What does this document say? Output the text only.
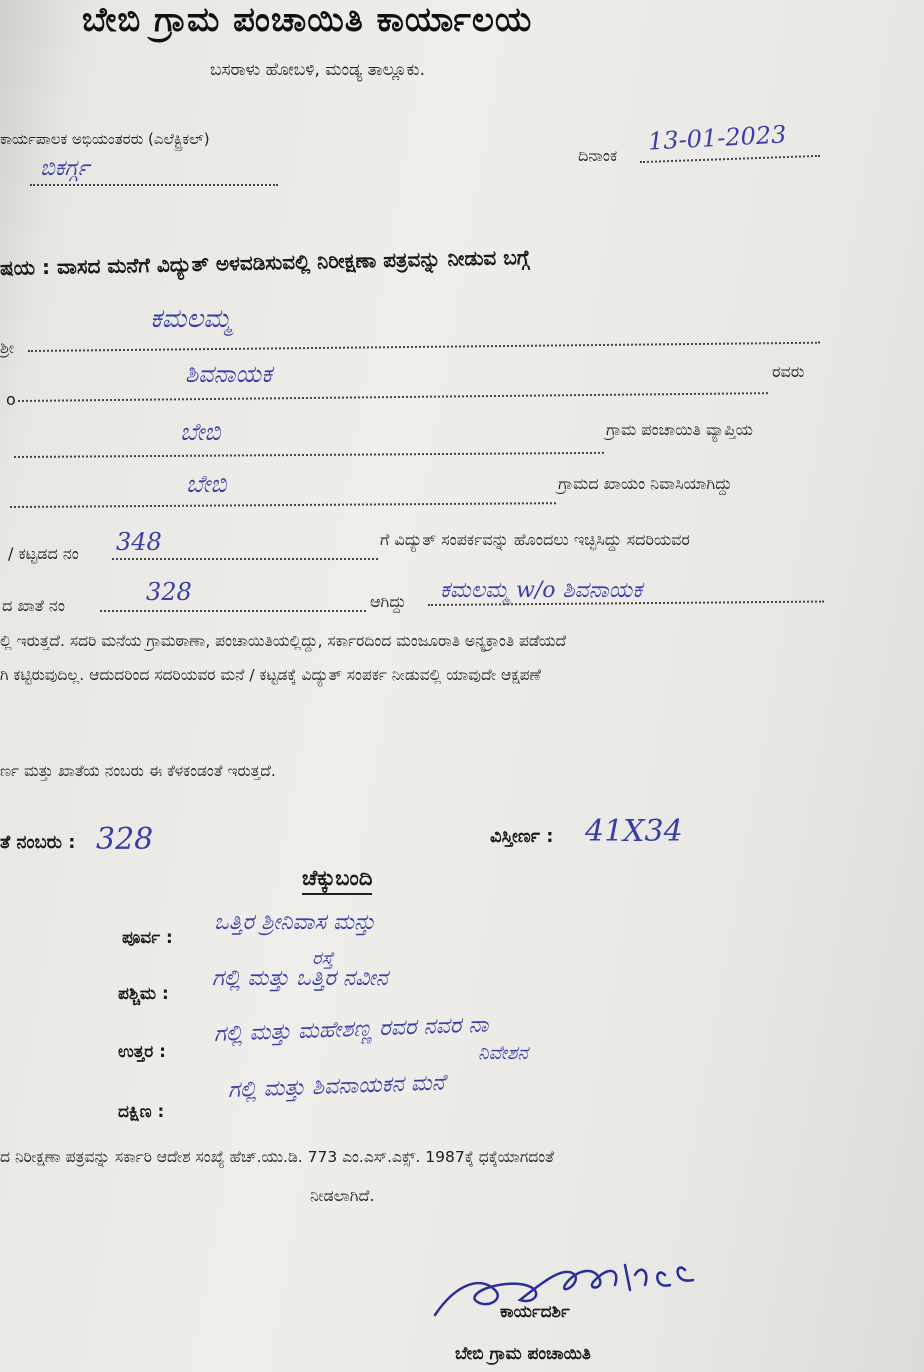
ಬೇಬಿ ಗ್ರಾಮ ಪಂಚಾಯಿತಿ ಕಾರ್ಯಾಲಯ
ಬಸರಾಳು ಹೋಬಳಿ, ಮಂಡ್ಯ ತಾಲ್ಲೂಕು.
ಕಾರ್ಯಪಾಲಕ ಅಭಿಯಂತರರು (ಎಲೆಕ್ಟ್ರಿಕಲ್)
ಬಿಕರ್ಗ್ಗ
ದಿನಾಂಕ 13-01-2023
ಷಯ : ವಾಸದ ಮನೆಗೆ ವಿದ್ಯುತ್ ಅಳವಡಿಸುವಲ್ಲಿ ನಿರೀಕ್ಷಣಾ ಪತ್ರವನ್ನು ನೀಡುವ ಬಗ್ಗೆ
ಶ್ರೀ
ಕಮಲಮ್ಮ
o
ಶಿವನಾಯಕ	ರವರು
ಬೇಬಿ	ಗ್ರಾಮ ಪಂಚಾಯಿತಿ ವ್ಯಾಪ್ತಿಯ
ಬೇಬಿ	ಗ್ರಾಮದ ಖಾಯಂ ನಿವಾಸಿಯಾಗಿದ್ದು
/ ಕಟ್ಟಡದ ನಂ 348	ಗೆ ವಿದ್ಯುತ್ ಸಂಪರ್ಕವನ್ನು ಹೊಂದಲು ಇಚ್ಛಿಸಿದ್ದು ಸದರಿಯವರ
ದ ಖಾತೆ ನಂ	328	ಆಗಿದ್ದು ಕಮಲಮ್ಮ w/o ಶಿವನಾಯಕ
ಲ್ಲಿ ಇರುತ್ತದೆ. ಸದರಿ ಮನೆಯ ಗ್ರಾಮಠಾಣಾ, ಪಂಚಾಯಿತಿಯಲ್ಲಿದ್ದು, ಸರ್ಕಾರದಿಂದ ಮಂಜೂರಾತಿ ಅನ್ಯಕ್ರಾಂತಿ ಪಡೆಯದೆ
ಗಿ ಕಟ್ಟಿರುವುದಿಲ್ಲ. ಆದುದರಿಂದ ಸದರಿಯವರ ಮನೆ / ಕಟ್ಟಡಕ್ಕೆ ವಿದ್ಯುತ್ ಸಂಪರ್ಕ ನೀಡುವಲ್ಲಿ ಯಾವುದೇ ಆಕ್ಷಪಣೆ
ರ್ಣ ಮತ್ತು ಖಾತೆಯ ನಂಬರು ಈ ಕೆಳಕಂಡಂತೆ ಇರುತ್ತದೆ.
ತೆ ನಂಬರು : 328	ವಿಸ್ತೀರ್ಣ : 41X34
ಚೆಕ್ಕುಬಂದಿ
ಪೂರ್ವ :
ಒತ್ತಿರ ಶ್ರೀನಿವಾಸ ಮನ್ತು
ರಸ್ತೆ
ಪಶ್ಚಿಮ :
ಗಲ್ಲಿ ಮತ್ತು ಒತ್ತಿರ ನವೀನ
ಉತ್ತರ :
ಗಲ್ಲಿ ಮತ್ತು ಮಹೇಶಣ್ಣ ರವರ ನವರ ನಾ
ನಿವೇಶನ
ದಕ್ಷಿಣ :
ಗಲ್ಲಿ ಮತ್ತು ಶಿವನಾಯಕನ ಮನೆ
ದ ನಿರೀಕ್ಷಣಾ ಪತ್ರವನ್ನು ಸರ್ಕಾರಿ ಆದೇಶ ಸಂಖ್ಯೆ ಹೆಚ್.ಯು.ಡಿ. 773 ಎಂ.ಎಸ್.ಎಕ್ಸ್. 1987ಕ್ಕೆ ಧಕ್ಕೆಯಾಗದಂತೆ
ನೀಡಲಾಗಿದೆ.
ಕಾರ್ಯದರ್ಶಿ
ಬೇಬಿ ಗ್ರಾಮ ಪಂಚಾಯಿತಿ
